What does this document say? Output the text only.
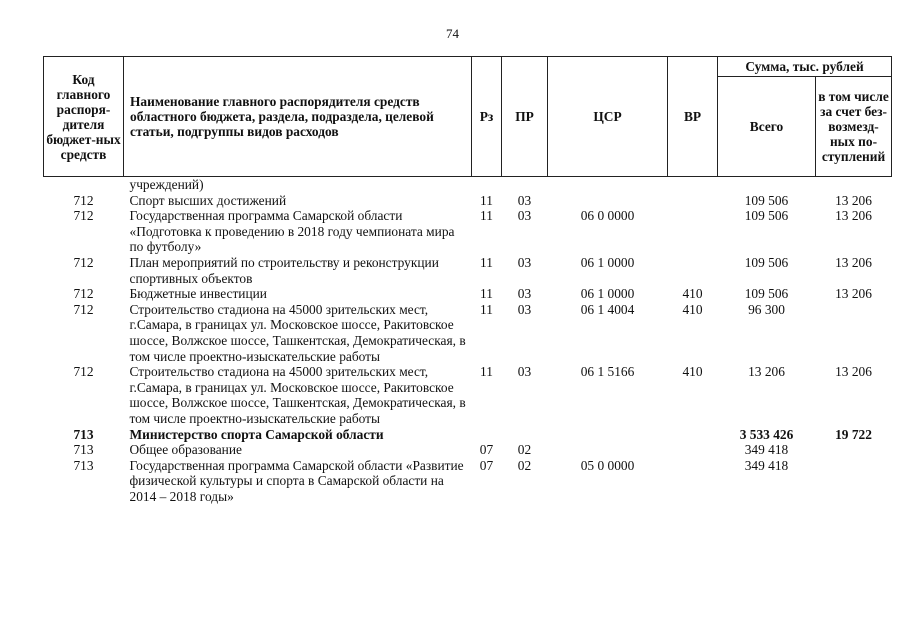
74
Код главного распоря-дителя бюджет-ных средств	Наименование главного распорядителя средств областного бюджета, раздела, подраздела, целевой статьи, подгруппы видов расходов	Рз	ПР	ЦСР	ВР	Сумма, тыс. рублей	
						Всего	в том числе за счет без-возмезд-ных по-ступлений
	учреждений)						
712	Спорт высших достижений	11	03			109 506	13 206
712	Государственная программа Самарской области «Подготовка к проведению в 2018 году чемпионата мира по футболу»	11	03	06 0 0000		109 506	13 206
712	План мероприятий по строительству и реконструкции спортивных объектов	11	03	06 1 0000		109 506	13 206
712	Бюджетные инвестиции	11	03	06 1 0000	410	109 506	13 206
712	Строительство стадиона на 45000 зрительских мест, г.Самара, в границах ул. Московское шоссе, Ракитовское шоссе, Волжское шоссе, Ташкентская, Демократическая, в том числе проектно-изыскательские работы	11	03	06 1 4004	410	96 300	
712	Строительство стадиона на 45000 зрительских мест, г.Самара, в границах ул. Московское шоссе, Ракитовское шоссе, Волжское шоссе, Ташкентская, Демократическая, в том числе проектно-изыскательские работы	11	03	06 1 5166	410	13 206	13 206
713	Министерство спорта Самарской области					3 533 426	19 722
713	Общее образование	07	02			349 418	
713	Государственная программа Самарской области «Развитие физической культуры и спорта в Самарской области на 2014 – 2018 годы»	07	02	05 0 0000		349 418	
